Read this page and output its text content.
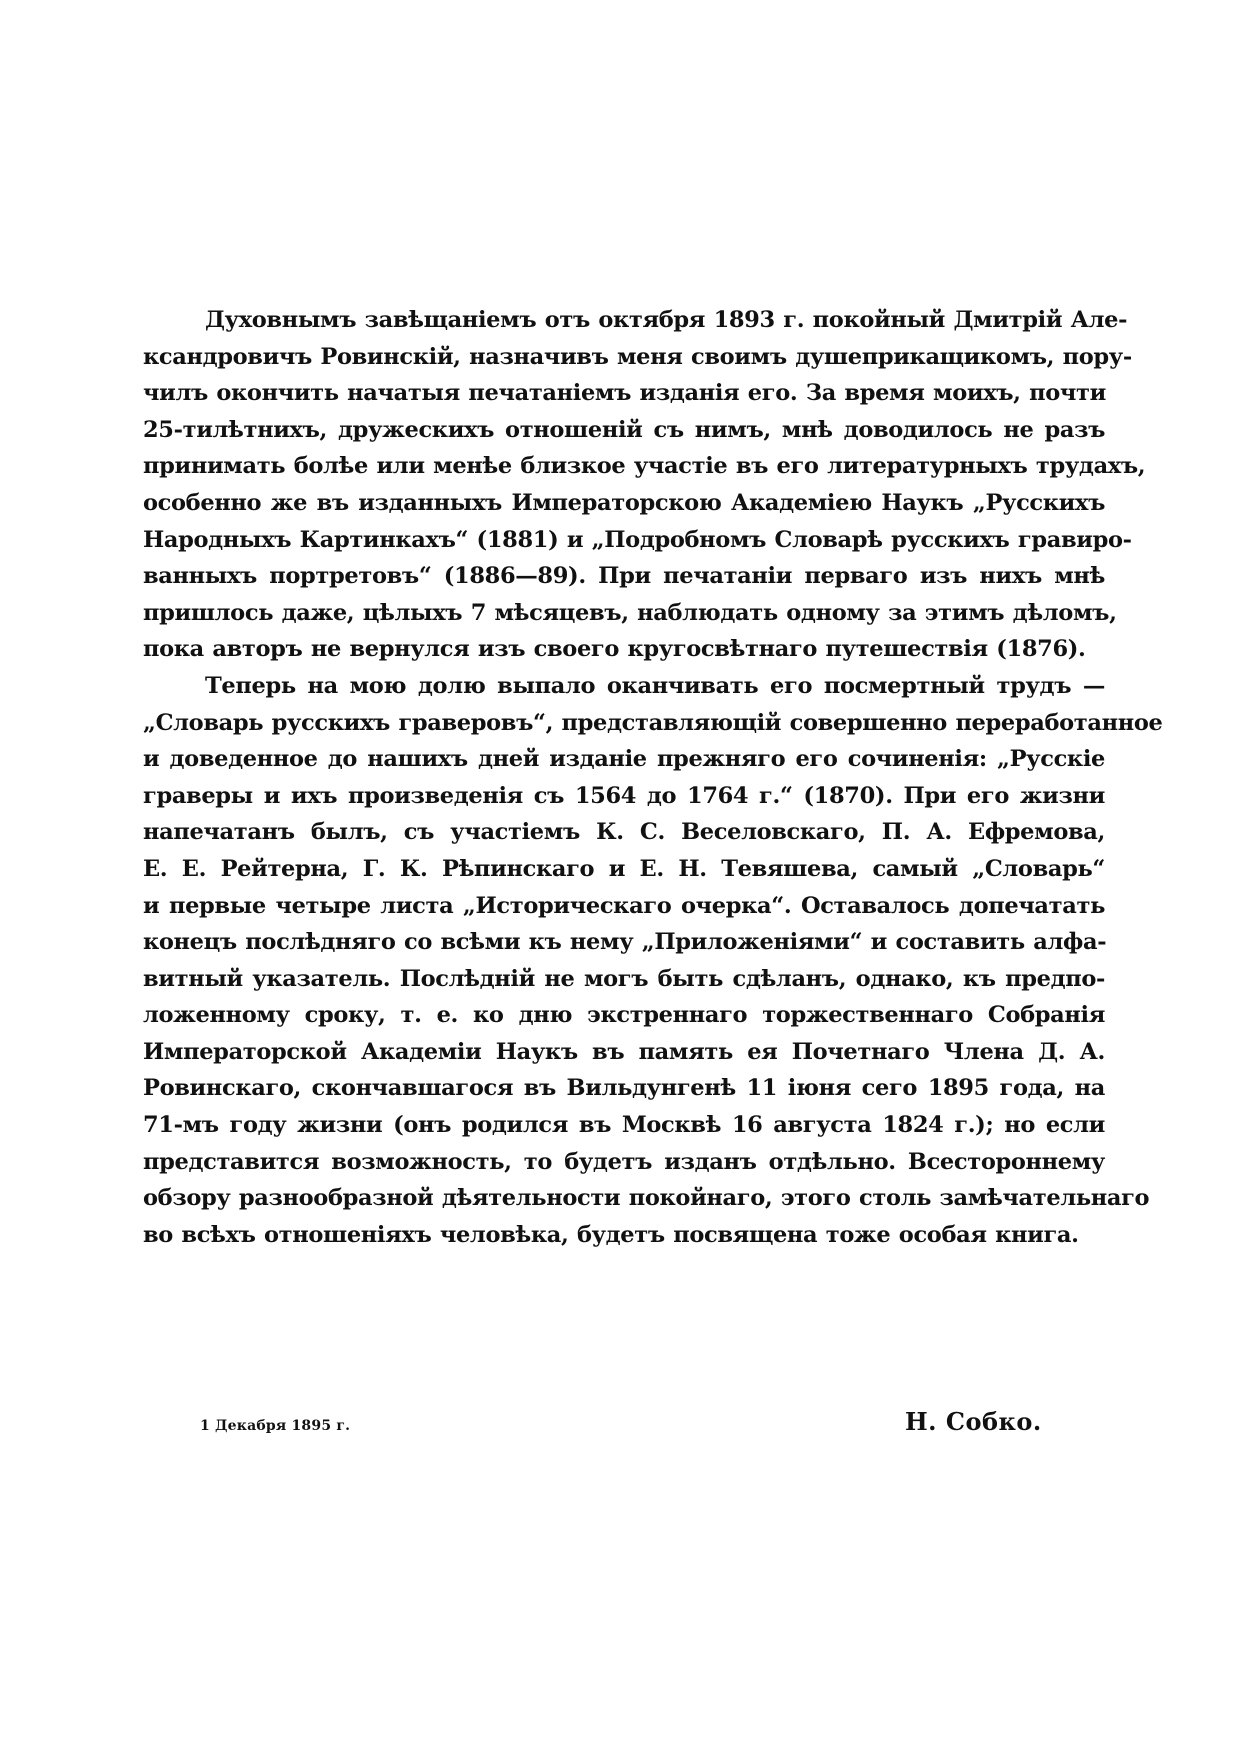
Духовнымъ завѣщаніемъ отъ октября 1893 г. покойный Дмитрій Але-
ксандровичъ Ровинскій, назначивъ меня своимъ душеприкащикомъ, пору-
чилъ окончить начатыя печатаніемъ изданія его. За время моихъ, почти
25-тилѣтнихъ, дружескихъ отношеній съ нимъ, мнѣ доводилось не разъ
принимать болѣе или менѣе близкое участіе въ его литературныхъ трудахъ,
особенно же въ изданныхъ Императорскою Академіею Наукъ „Русскихъ
Народныхъ Картинкахъ“ (1881) и „Подробномъ Словарѣ русскихъ гравиро-
ванныхъ портретовъ“ (1886—89). При печатаніи перваго изъ нихъ мнѣ
пришлось даже, цѣлыхъ 7 мѣсяцевъ, наблюдать одному за этимъ дѣломъ,
пока авторъ не вернулся изъ своего кругосвѣтнаго путешествія (1876).
Теперь на мою долю выпало оканчивать его посмертный трудъ —
„Словарь русскихъ граверовъ“, представляющій совершенно переработанное
и доведенное до нашихъ дней изданіе прежняго его сочиненія: „Русскіе
граверы и ихъ произведенія съ 1564 до 1764 г.“ (1870). При его жизни
напечатанъ былъ, съ участіемъ К. С. Веселовскаго, П. А. Ефремова,
Е. Е. Рейтерна, Г. К. Рѣпинскаго и Е. Н. Тевяшева, самый „Словарь“
и первые четыре листа „Историческаго очерка“. Оставалось допечатать
конецъ послѣдняго со всѣми къ нему „Приложеніями“ и составить алфа-
витный указатель. Послѣдній не могъ быть сдѣланъ, однако, къ предпо-
ложенному сроку, т. е. ко дню экстреннаго торжественнаго Собранія
Императорской Академіи Наукъ въ память ея Почетнаго Члена Д. А.
Ровинскаго, скончавшагося въ Вильдунгенѣ 11 іюня сего 1895 года, на
71-мъ году жизни (онъ родился въ Москвѣ 16 августа 1824 г.); но если
представится возможность, то будетъ изданъ отдѣльно. Всестороннему
обзору разнообразной дѣятельности покойнаго, этого столь замѣчательнаго
во всѣхъ отношеніяхъ человѣка, будетъ посвящена тоже особая книга.
1 Декабря 1895 г.	Н. Собко.
